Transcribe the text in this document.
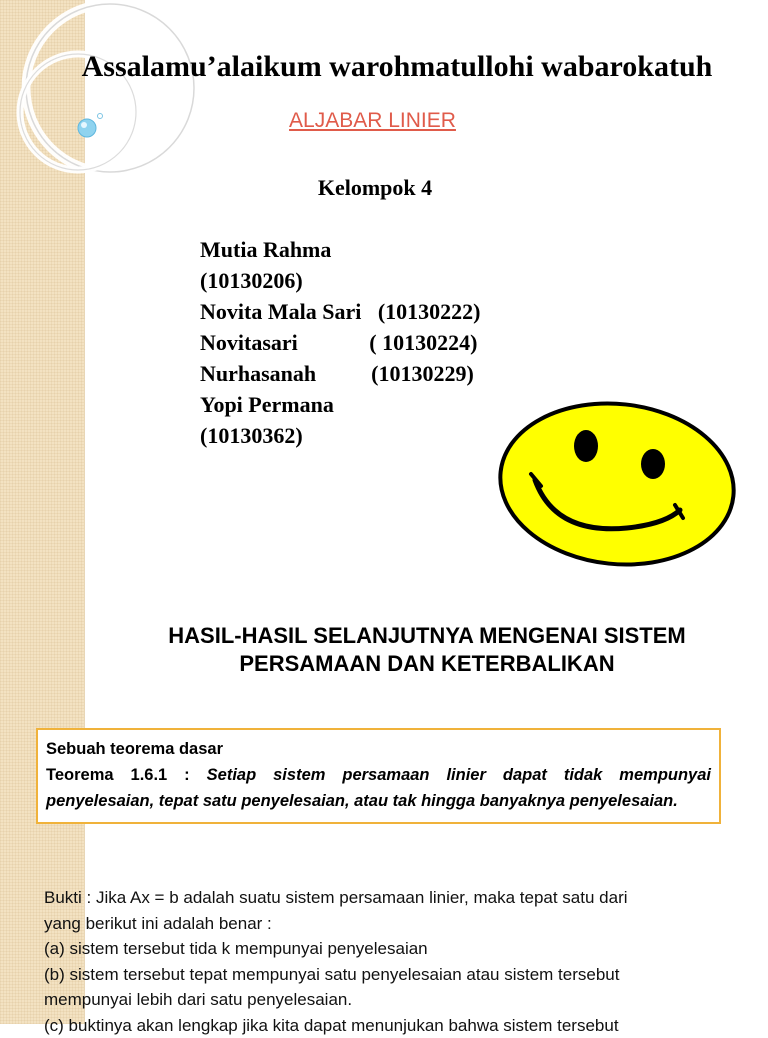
Assalamu’alaikum warohmatullohi wabarokatuh
ALJABAR LINIER
Kelompok 4
Mutia Rahma
(10130206)
Novita Mala Sari   (10130222)
Novitasari             ( 10130224)
Nurhasanah          (10130229)
Yopi Permana
(10130362)
HASIL-HASIL SELANJUTNYA MENGENAI SISTEM
PERSAMAAN DAN KETERBALIKAN
Sebuah teorema dasar
Teorema 1.6.1 : Setiap sistem persamaan linier dapat tidak mempunyai penyelesaian, tepat satu penyelesaian, atau tak hingga banyaknya penyelesaian.
Bukti : Jika Ax = b adalah suatu sistem persamaan linier, maka tepat satu dari
yang berikut ini adalah benar :
(a) sistem tersebut tida k mempunyai penyelesaian
(b) sistem tersebut tepat mempunyai satu penyelesaian atau sistem tersebut
mempunyai lebih dari satu penyelesaian.
(c) buktinya akan lengkap jika kita dapat menunjukan bahwa sistem tersebut
